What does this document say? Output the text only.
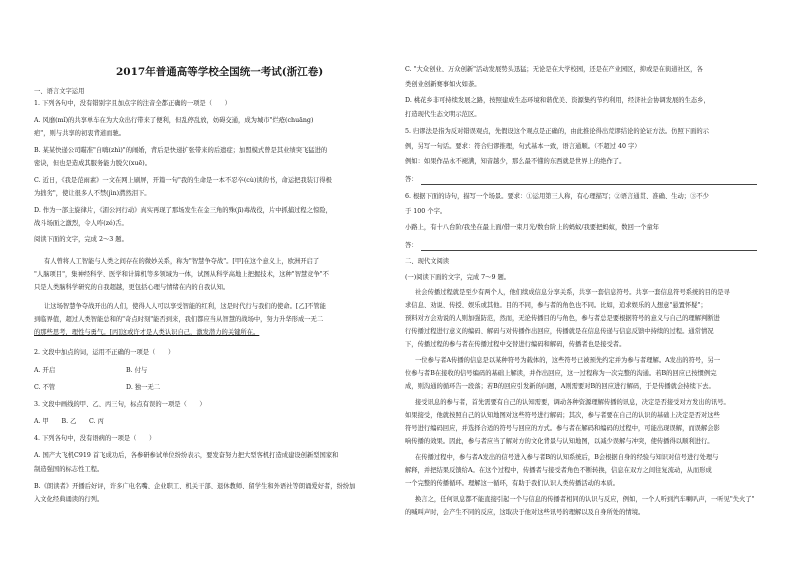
2017年普通高等学校全国统一考试(浙江卷)
一、语言文字运用
1. 下列各句中，没有错别字且加点字的注音全都正确的一项是（　　）
A. 风靡(mǐ)的共享单车在为大众出行带来了便利，但乱停乱放，妨碍交通，成为城市"烂疮(chuāng)
疤"，则与共享的初衷背道而驰。
B. 某某快递公司瞄准"自嗨(zhì)"的闹婚，背后是快递扩张带来的后遗症；加盟模式曾是其业绩突飞猛进的
密诀，但也是造成其服务能力脱欠(xuē)。
C. 近日，《我是范雨素》一文在网上刷屏，开篇一句"我的生命是一本不忍卒(cù)读的书，命运把我装订得极
为拙劣"，使让很多人不禁(jìn)潸然泪下。
D. 作为一部主旋律片，《湄公河行动》真实再现了那场发生在金三角的殊(jī)毒战役，片中抓捕过程之惊险，
战斗场面之激烈，令人咋(zé)舌。
阅读下面的文字，完成 2～3 题。
有人曾将人工智能与人类之间存在的微妙关系，称为"智慧争夺战"。[甲]在这个意义上，欧洲开启了
"人脑项目"，集神经科学、医学和计算机等多领域为一体，试图从科学高地上把握技术，这种"智慧竞争"不
只是人类脑科学研究的自我超越，更包括心理与情绪在内的自我认知。
让这场智慧争夺战开出的人们，使得人人可以享受智能的红利，这是时代行与我们的使命。[乙]不管能
到临界值，超过人类智能总和的"奇点时刻"能否到来，我们都应当从智慧的战场中，努力升华形成一无二
的那些思考，理性与勇气。[丙]这或许才是人类认识自己，激发潜力的关键所在。
2. 文段中加点的词，运用不正确的一项是（　　）
A. 开启	B. 付与
C. 不管	D. 独一无二
3. 文段中画线的甲、乙、丙三句，标点有误的一项是（　　）
A. 甲　　B. 乙　　C. 丙
4. 下列各句中，没有语病的一项是（　　）
A. 国产大飞机C919 首飞成功后，各参研参试单位纷纷表示，要发奋努力把大型客机打造成建设创新型国家和
制造强国的标志性工程。
B.《朗读者》开播后好评，许多广电名嘴、企业职工、机关干部、退休教师、留学生和外语社等朗诵爱好者，纷纷加
入文化经典诵读的行列。
C. "大众创业、万众创新"活动发展势头迅猛；无论是在大学校园，还是在产业园区，抑或是在街道社区，各
类创业创新赛事如火如荼。
D. 桃花乡非可持续发展之路，按照建成生态环境和谐优美、资源集约节约利用，经济社会协调发展的生态乡，
打造现代生态文明示范区。
5. 归谬法是指为反对错误观点，先假设这个观点是正确的，由此推论得出荒谬结论的论证方法。仿照下面的示
例，另写一句话。要求：符合归谬推理，句式基本一致，语言通顺。（不超过 40 字）
例如：如果作品永不褪满，知音越少，那么最不懂的东西就是世界上的绝作了。
答：
6. 根据下面的诗句，描写一个场景。要求：①运用第三人称，有心理描写；②语言通贯、准确、生动；③不少
于 100 个字。
小路上，有十八台阶/我坐在最上面/借一束月光/数台阶上的蚂蚁/我要把蚂蚁，数回一个童年
答：
二、现代文阅读
(一)阅读下面的文字，完成 7～9 题。
社会传播过程就是至少有两个人，他们续成信息分享关系，共享一套信息符号。共享一套信息符号系统的目的是寻
求信息、劝说、传授、娱乐或其他。目的不同，参与者的角色也不同。比如，追求娱乐的人想意"悬置怀疑"；
预料对方会劝说的人则加强防范，然而，无论传播目的与角色，参与者总是要根据符号的意义与自己的理解判断进
行传播过程进行意义的编码、解码与对传播作出回应，传播就是在信息传递与信息反馈中持续的过程。通常情况
下，传播过程的参与者在传播过程中交替进行编码和解码，传播者也是接受者。
一位参与者A传播的信息是以某种符号为载体的，这些符号已被预先约定并为参与者理解。A发出的符号，另一
位参与者B在接收的信号编码的基础上解读，并作出回应，这一过程称为一次完整的沟通。若B的回应已按惯例完
成，则沟通的循环告一段落；若B的回应引发新的问题，A则需要对B的回应进行解码，于是传播就会持续下去。
接受讯息的参与者，首先需要有自己的认知需要，调动各种资源理解传播的讯息，决定是否接受对方发出的讯号。
如果接受，他就按照自己的认知地图对这些符号进行解码；其次，参与者要在自己的认识的基础上决定是否对这些
符号进行编码回应，并选择合适的符号与回应的方式。参与者在解码和编码的过程中，可能出现误解，而误解会影
响传播的效果。因此，参与者应当了解对方的文化背景与认知地图，以减少误解与冲突，使传播得以顺利进行。
在传播过程中，参与者A发出的信号进入参与者B的认知系统后，B会根据自身的经验与知识对信号进行处理与
解释，并把结果反馈给A。在这个过程中，传播者与接受者角色不断转换，信息在双方之间往复流动，从而形成
一个完整的传播循环。理解这一循环，有助于我们认识人类传播活动的本质。
换言之，任何讯息都不能直接引起一个与信息的传播者相同的认识与反应，例如，一个人听到汽车喇叭声，一听见"失火了"
的喊叫声时，会产生不同的反应，这取决于他对这些讯号的理解以及自身所处的情境。
